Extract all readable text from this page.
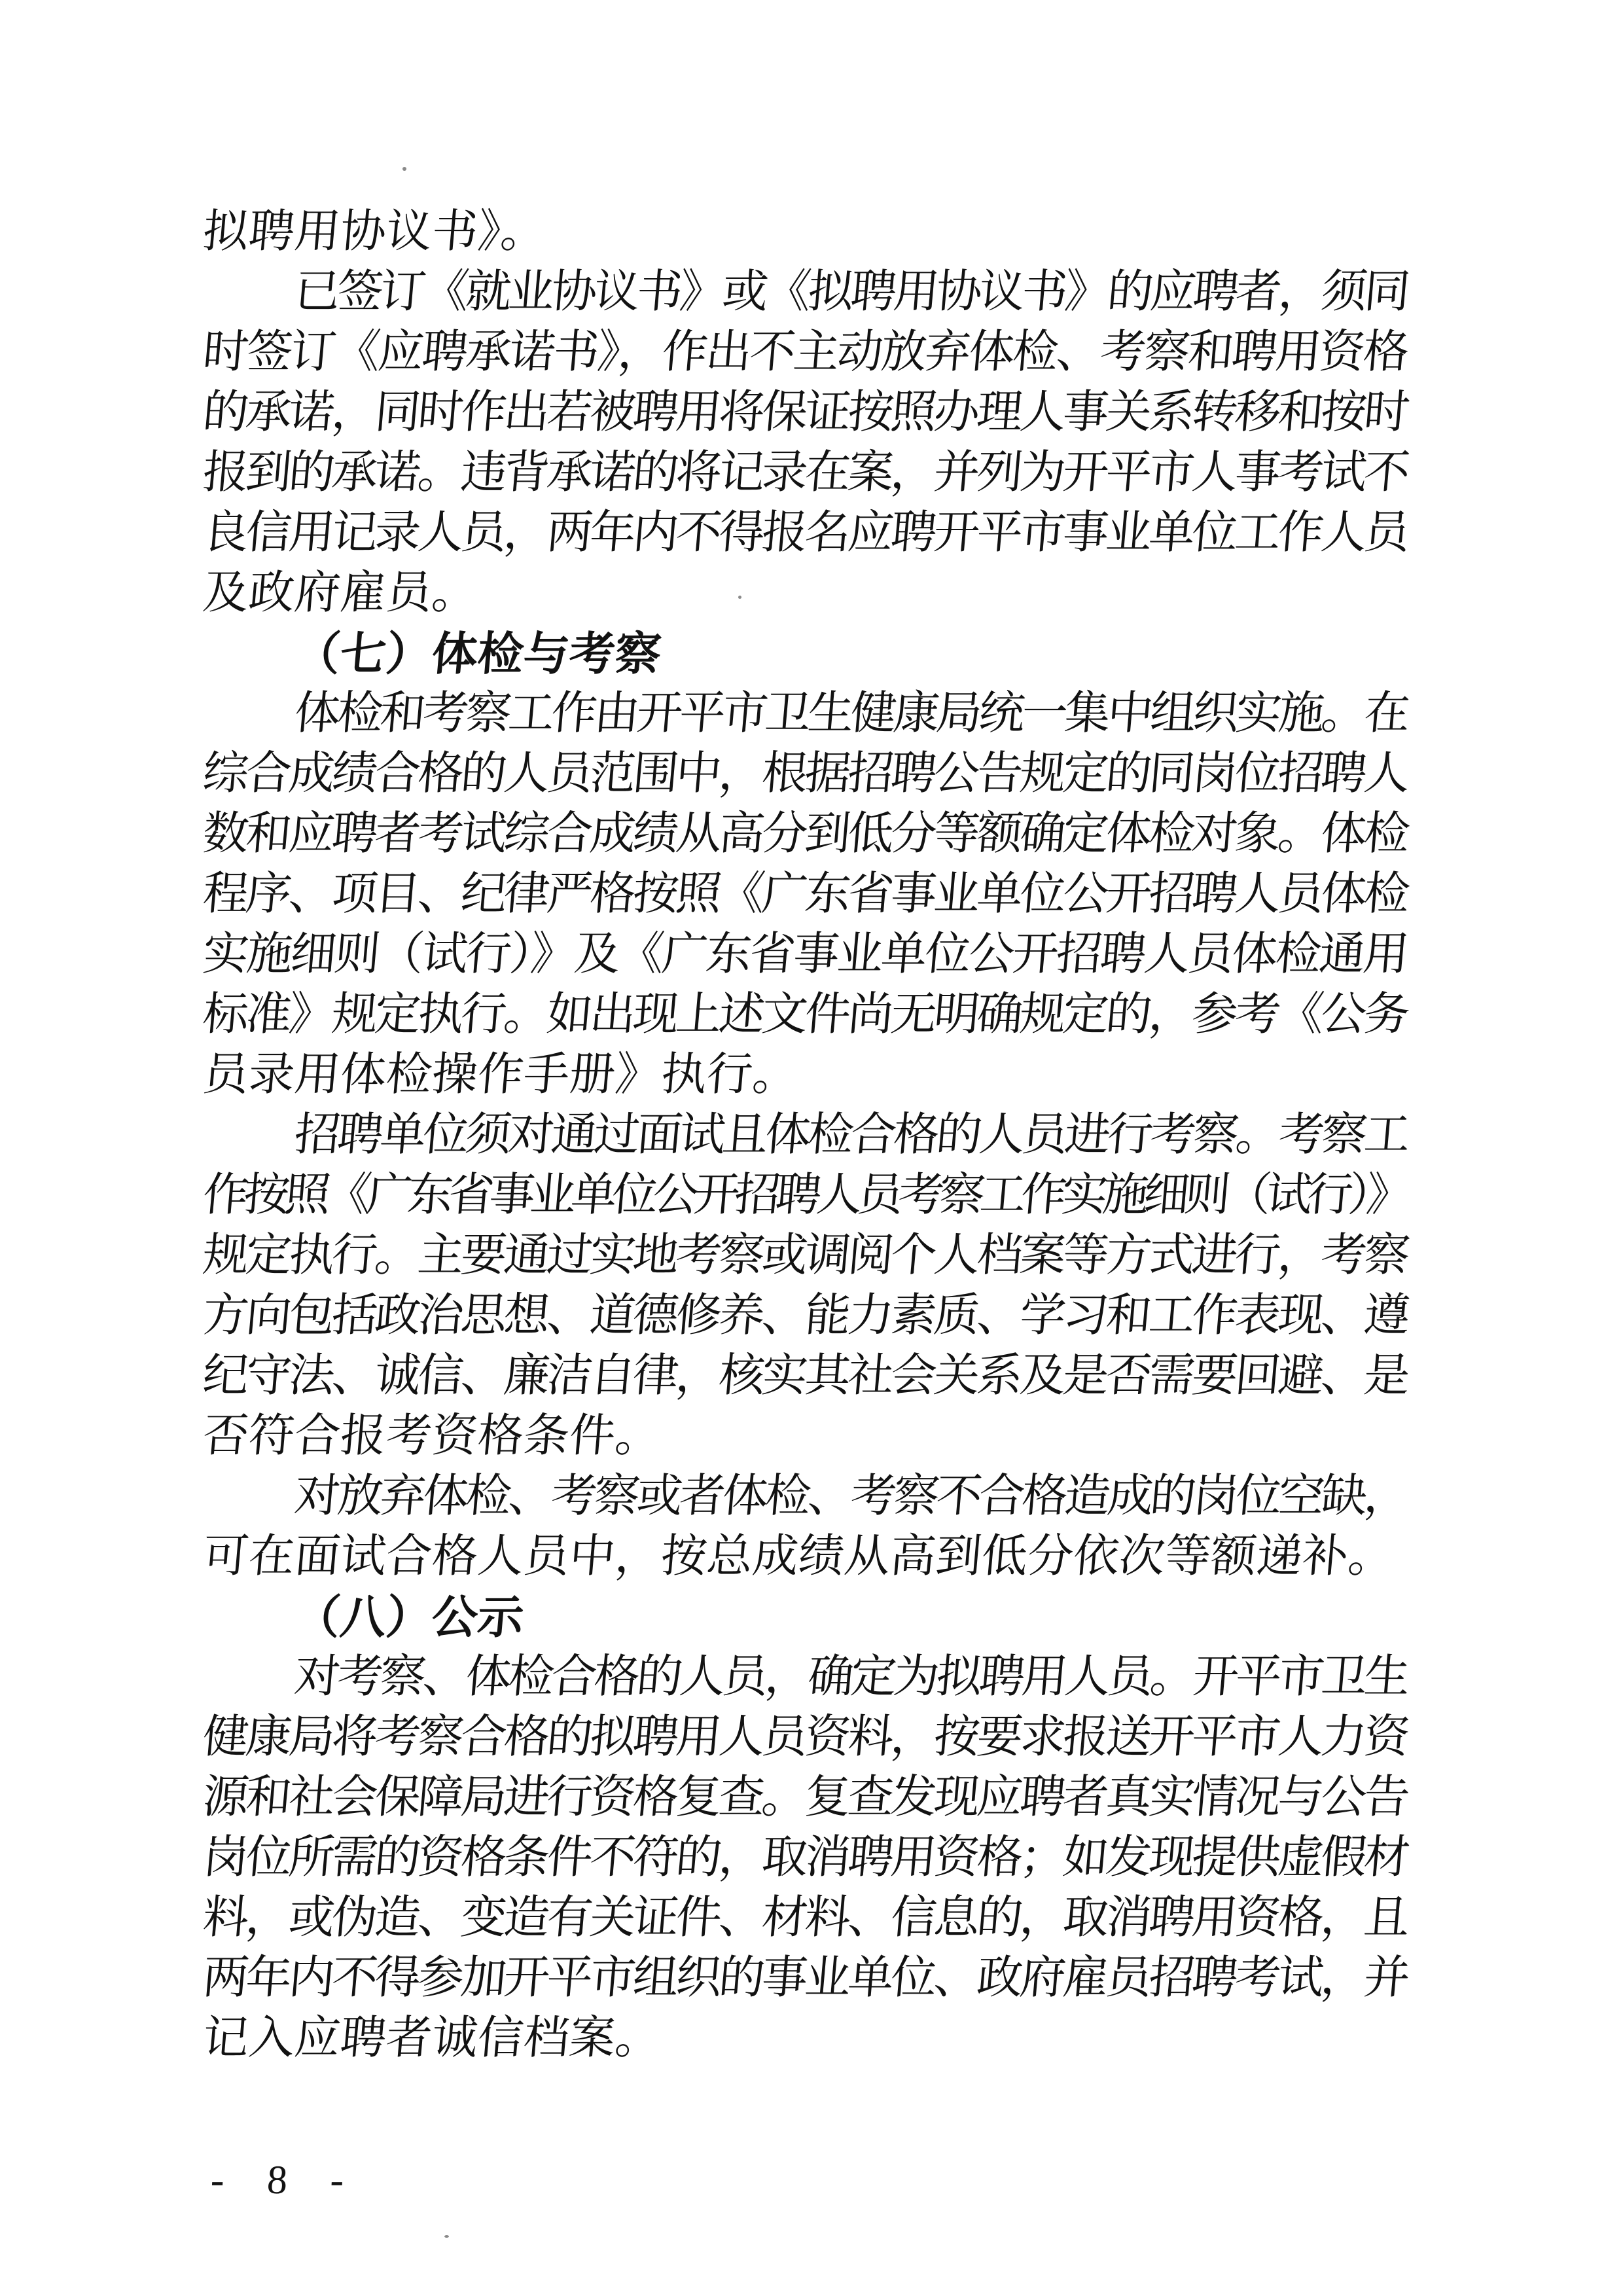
拟聘用协议书》。
已签订《就业协议书》或《拟聘用协议书》的应聘者，须同
时签订《应聘承诺书》，作出不主动放弃体检、考察和聘用资格
的承诺，同时作出若被聘用将保证按照办理人事关系转移和按时
报到的承诺。违背承诺的将记录在案，并列为开平市人事考试不
良信用记录人员，两年内不得报名应聘开平市事业单位工作人员
及政府雇员。
（七）体检与考察
体检和考察工作由开平市卫生健康局统一集中组织实施。在
综合成绩合格的人员范围中，根据招聘公告规定的同岗位招聘人
数和应聘者考试综合成绩从高分到低分等额确定体检对象。体检
程序、项目、纪律严格按照《广东省事业单位公开招聘人员体检
实施细则（试行）》及《广东省事业单位公开招聘人员体检通用
标准》规定执行。如出现上述文件尚无明确规定的，参考《公务
员录用体检操作手册》执行。
招聘单位须对通过面试且体检合格的人员进行考察。考察工
作按照《广东省事业单位公开招聘人员考察工作实施细则（试行）》
规定执行。主要通过实地考察或调阅个人档案等方式进行，考察
方向包括政治思想、道德修养、能力素质、学习和工作表现、遵
纪守法、诚信、廉洁自律，核实其社会关系及是否需要回避、是
否符合报考资格条件。
对放弃体检、考察或者体检、考察不合格造成的岗位空缺，
可在面试合格人员中，按总成绩从高到低分依次等额递补。
（八）公示
对考察、体检合格的人员，确定为拟聘用人员。开平市卫生
健康局将考察合格的拟聘用人员资料，按要求报送开平市人力资
源和社会保障局进行资格复查。复查发现应聘者真实情况与公告
岗位所需的资格条件不符的，取消聘用资格；如发现提供虚假材
料，或伪造、变造有关证件、材料、信息的，取消聘用资格，且
两年内不得参加开平市组织的事业单位、政府雇员招聘考试，并
记入应聘者诚信档案。
- 8 -
